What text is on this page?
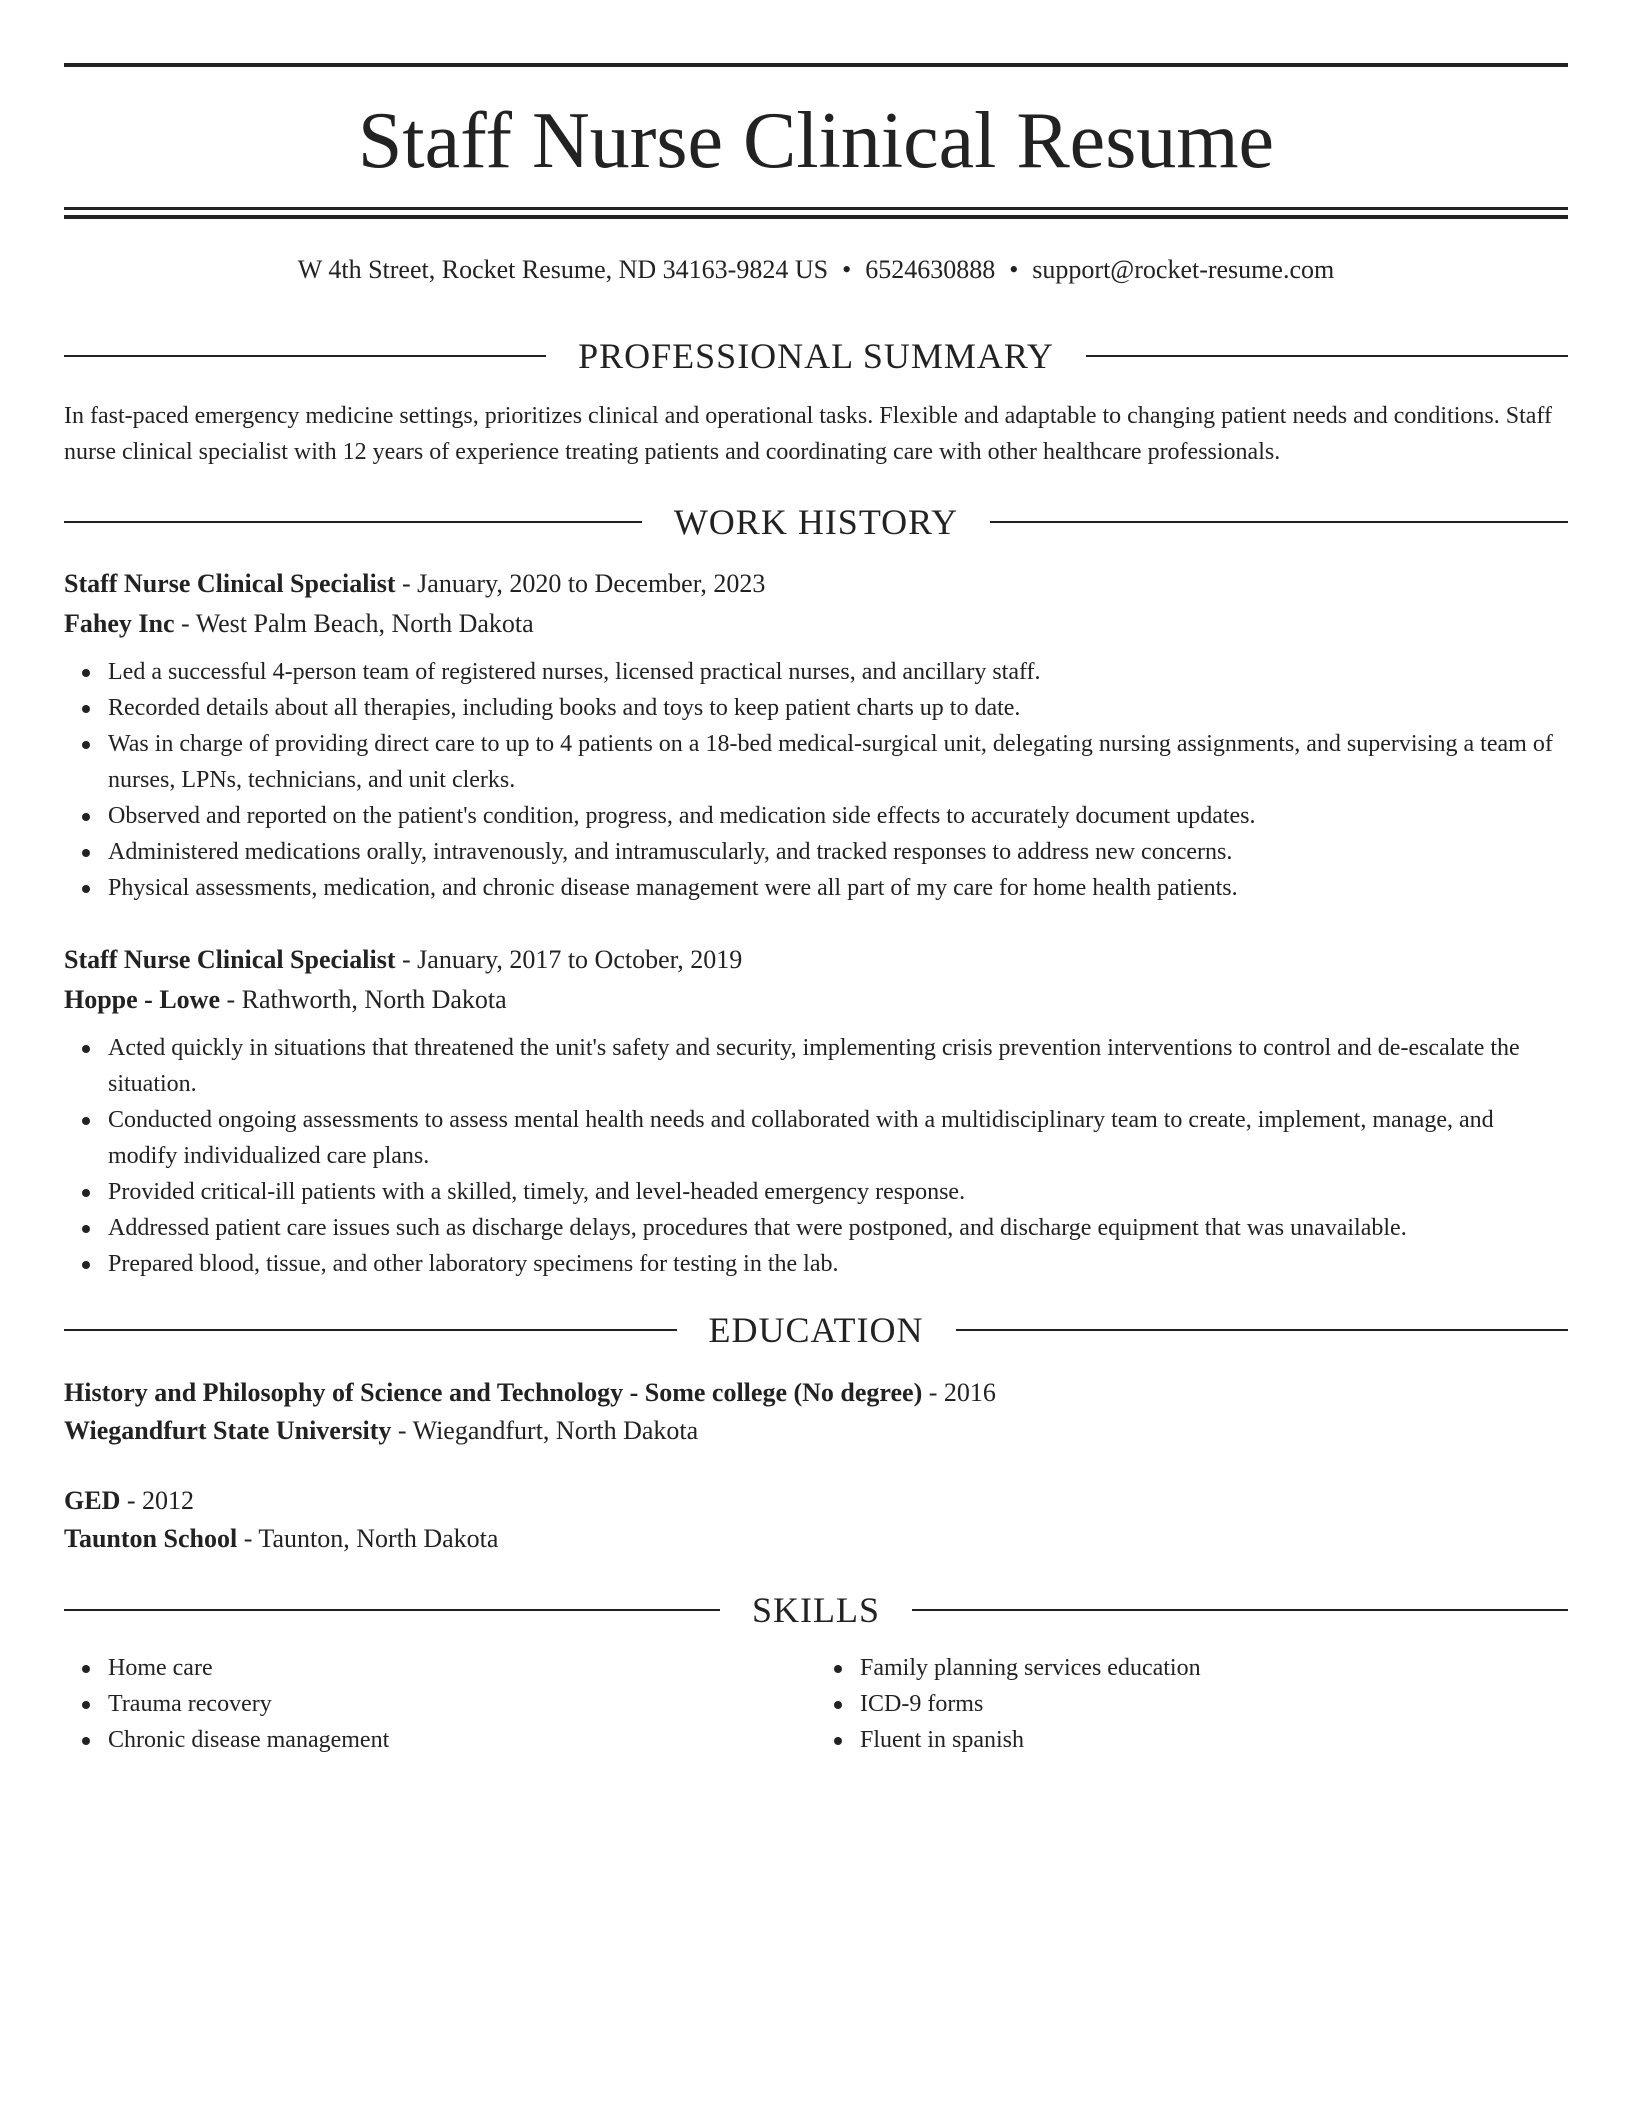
Staff Nurse Clinical Resume
W 4th Street, Rocket Resume, ND 34163-9824 US • 6524630888 • support@rocket-resume.com
PROFESSIONAL SUMMARY

In fast-paced emergency medicine settings, prioritizes clinical and operational tasks. Flexible and adaptable to changing patient needs and conditions. Staff nurse clinical specialist with 12 years of experience treating patients and coordinating care with other healthcare professionals.

WORK HISTORY
Staff Nurse Clinical Specialist - January, 2020 to December, 2023
Fahey Inc - West Palm Beach, North Dakota
Led a successful 4-person team of registered nurses, licensed practical nurses, and ancillary staff.
Recorded details about all therapies, including books and toys to keep patient charts up to date.
Was in charge of providing direct care to up to 4 patients on a 18-bed medical-surgical unit, delegating nursing assignments, and supervising a team of nurses, LPNs, technicians, and unit clerks.
Observed and reported on the patient's condition, progress, and medication side effects to accurately document updates.
Administered medications orally, intravenously, and intramuscularly, and tracked responses to address new concerns.
Physical assessments, medication, and chronic disease management were all part of my care for home health patients.
Staff Nurse Clinical Specialist - January, 2017 to October, 2019
Hoppe - Lowe - Rathworth, North Dakota
Acted quickly in situations that threatened the unit's safety and security, implementing crisis prevention interventions to control and de-escalate the situation.
Conducted ongoing assessments to assess mental health needs and collaborated with a multidisciplinary team to create, implement, manage, and modify individualized care plans.
Provided critical-ill patients with a skilled, timely, and level-headed emergency response.
Addressed patient care issues such as discharge delays, procedures that were postponed, and discharge equipment that was unavailable.
Prepared blood, tissue, and other laboratory specimens for testing in the lab.
EDUCATION
History and Philosophy of Science and Technology - Some college (No degree) - 2016
Wiegandfurt State University - Wiegandfurt, North Dakota
GED - 2012
Taunton School - Taunton, North Dakota
SKILLS
Home care
Trauma recovery
Chronic disease management
Family planning services education
ICD-9 forms
Fluent in spanish
